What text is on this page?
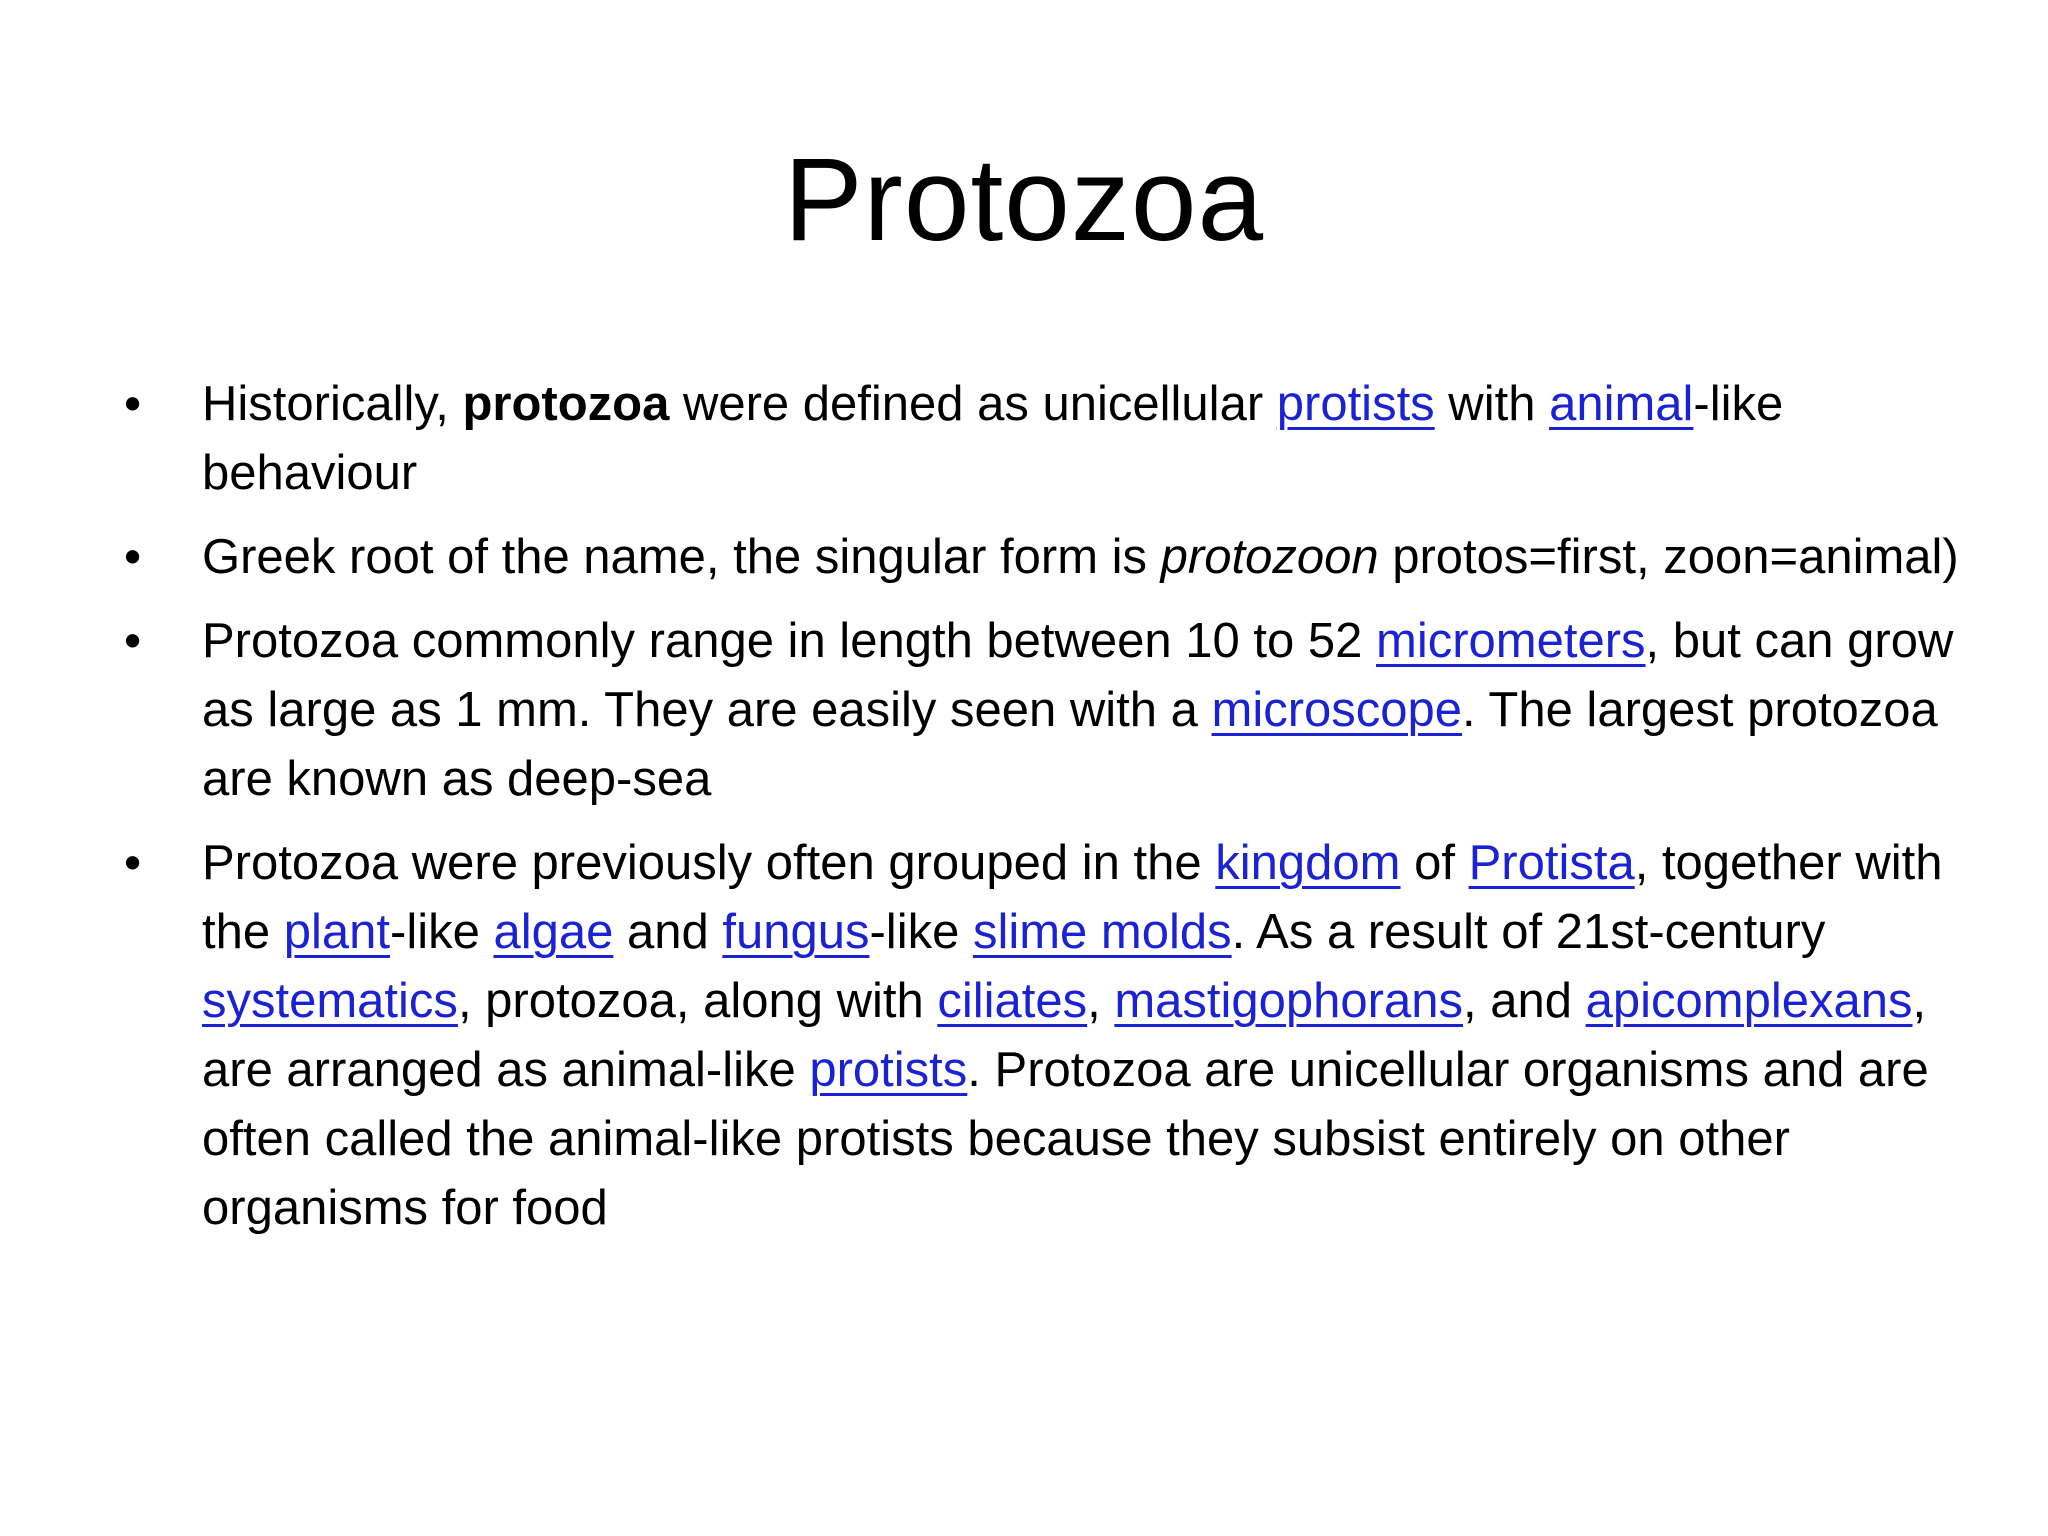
Protozoa
•	Historically, protozoa were defined as unicellular protists with animal-like behaviour
•	Greek root of the name, the singular form is protozoon protos=first, zoon=animal)
•	Protozoa commonly range in length between 10 to 52 micrometers, but can grow as large as 1 mm. They are easily seen with a microscope. The largest protozoa are known as deep-sea
•	Protozoa were previously often grouped in the kingdom of Protista, together with the plant-like algae and fungus-like slime molds. As a result of 21st-century systematics, protozoa, along with ciliates, mastigophorans, and apicomplexans, are arranged as animal-like protists. Protozoa are unicellular organisms and are often called the animal-like protists because they subsist entirely on other organisms for food
